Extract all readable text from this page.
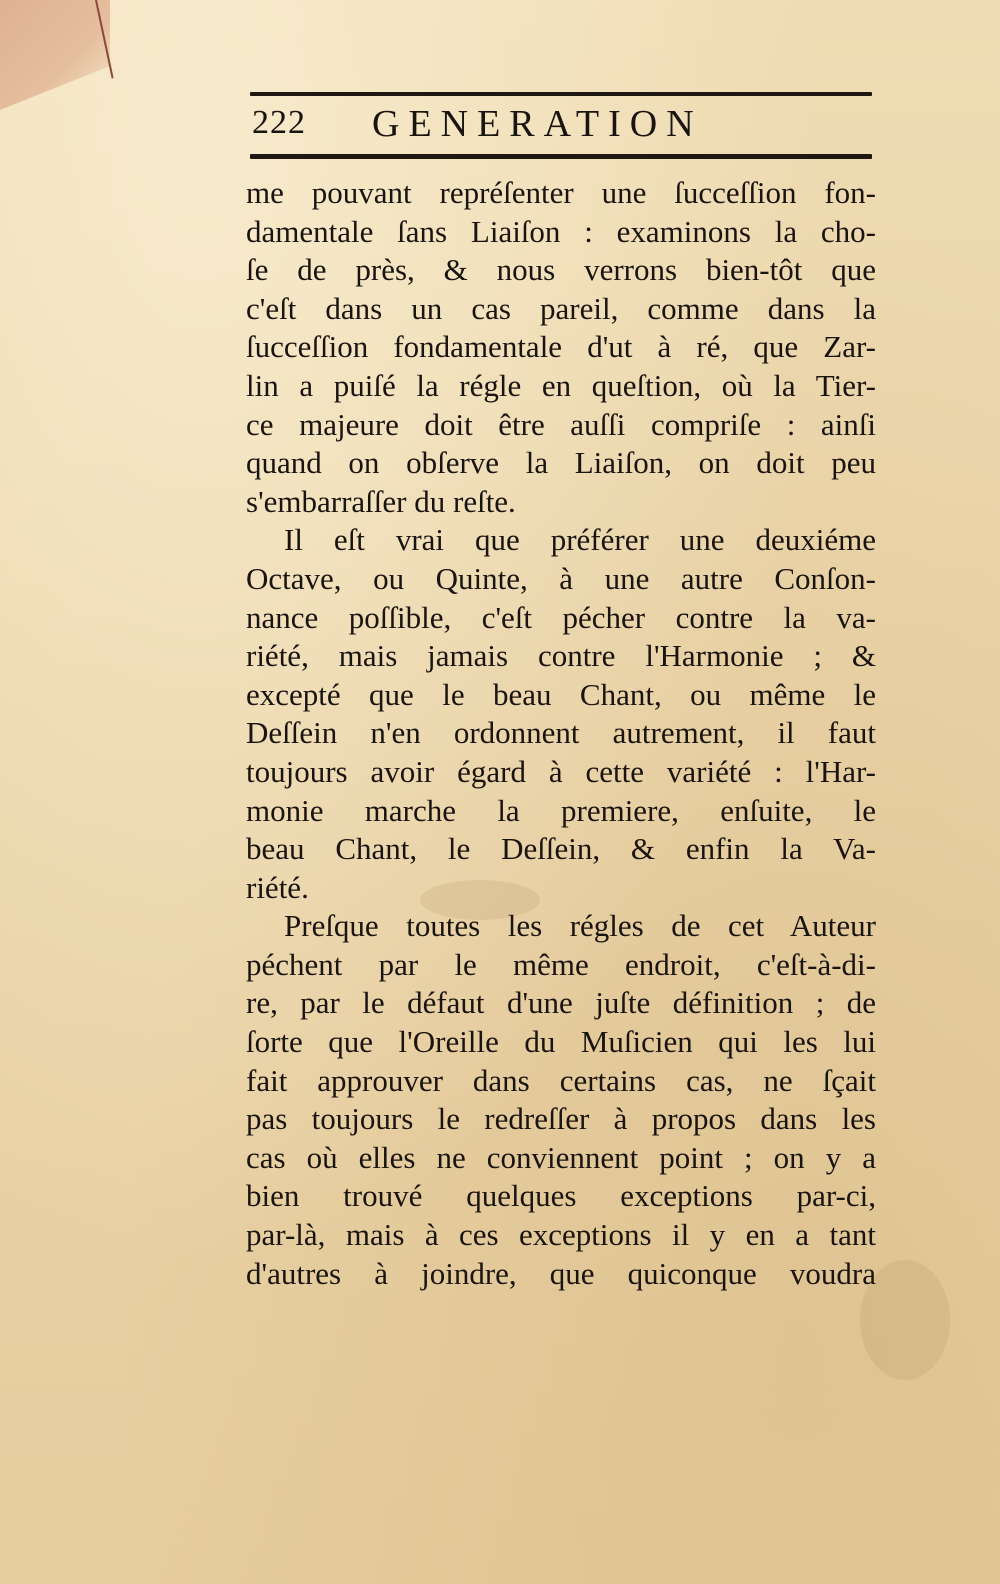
222 GENERATION
me pouvant repréſenter une ſucceſſion fon-
damentale ſans Liaiſon : examinons la cho-
ſe de près, & nous verrons bien-tôt que
c'eſt dans un cas pareil, comme dans la
ſucceſſion fondamentale d'ut à ré, que Zar-
lin a puiſé la régle en queſtion, où la Tier-
ce majeure doit être auſſi compriſe : ainſi
quand on obſerve la Liaiſon, on doit peu
s'embarraſſer du reſte.
Il eſt vrai que préférer une deuxiéme
Octave, ou Quinte, à une autre Conſon-
nance poſſible, c'eſt pécher contre la va-
riété, mais jamais contre l'Harmonie ; &
excepté que le beau Chant, ou même le
Deſſein n'en ordonnent autrement, il faut
toujours avoir égard à cette variété : l'Har-
monie marche la premiere, enſuite, le
beau Chant, le Deſſein, & enfin la Va-
riété.
Preſque toutes les régles de cet Auteur
péchent par le même endroit, c'eſt-à-di-
re, par le défaut d'une juſte définition ; de
ſorte que l'Oreille du Muſicien qui les lui
fait approuver dans certains cas, ne ſçait
pas toujours le redreſſer à propos dans les
cas où elles ne conviennent point ; on y a
bien trouvé quelques exceptions par-ci,
par-là, mais à ces exceptions il y en a tant
d'autres à joindre, que quiconque voudra
